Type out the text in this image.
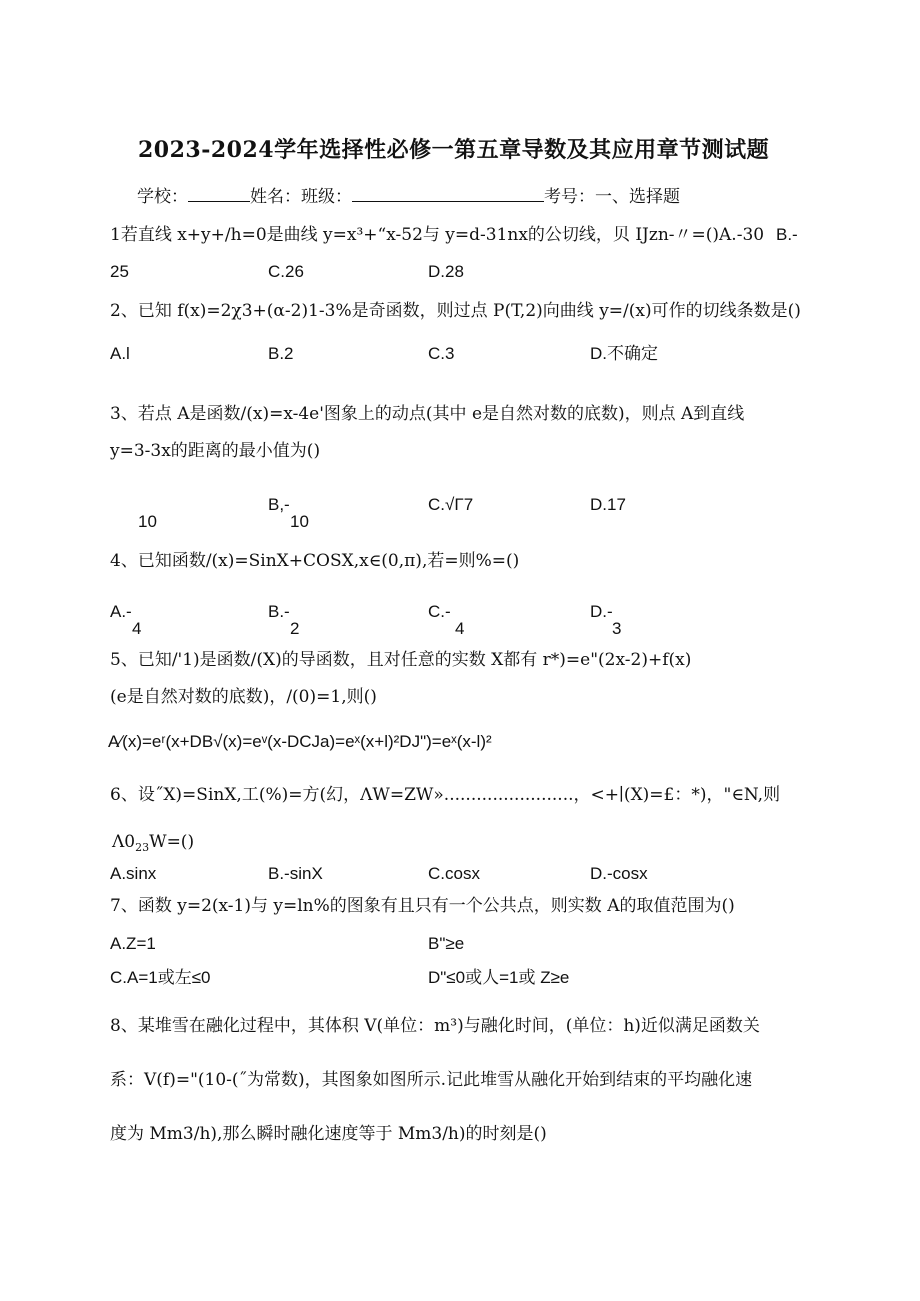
2023-2024学年选择性必修一第五章导数及其应用章节测试题
学校：	姓名：班级：	考号：一、选择题
1若直线 x+y+∕h=0是曲线 y=x³+“x-52与 y=d-31nx的公切线，贝 IJzn-〃=()A.-30 B.-
25	C.26	D.28
2、已知 f(x)=2χ3+(α-2)1-3%是奇函数，则过点 P(T,2)向曲线 y=∕(x)可作的切线条数是()
A.l	B.2	C.3	D.不确定
3、若点 A是函数/(x)=x-4e'图象上的动点(其中 e是自然对数的底数)，则点 A到直线
y=3-3x的距离的最小值为()
10
B,-
10
C.√Γ7	D.17
4、已知函数/(x)=SinX+COSX,x∈(0,π),若=则%=()
A.-
4
B.-
2
C.-
4
D.-
3
5、已知/'1)是函数/(X)的导函数，且对任意的实数 X都有 r*)=e"(2x-2)+f(x)
(e是自然对数的底数)，/(0)=1,则()
A∕(x)=eʳ(x+DB√(x)=eᵛ(x-DCJa)=eˣ(x+l)²DJ")=eˣ(x-l)²
6、设˝X)=SinX,工(%)=方(幻，ΛW=ZW»........................，<+∣(X)=£：*)，"∈N,则
$\Lambda 0_{23}W=()$
A.sinx	B.-sinX	C.cosx	D.-cosx
7、函数 y=2(x-1)与 y=ln%的图象有且只有一个公共点，则实数 A的取值范围为()
A.Z=1	B"≥e
C.A=1或左≤0	D"≤0或人=1或 Z≥e
8、某堆雪在融化过程中，其体积 V(单位：m³)与融化时间，(单位：h)近似满足函数关
系：V(f)="(10-(˝为常数)，其图象如图所示.记此堆雪从融化开始到结束的平均融化速
度为 Mm3/h),那么瞬时融化速度等于 Mm3/h)的时刻是()
